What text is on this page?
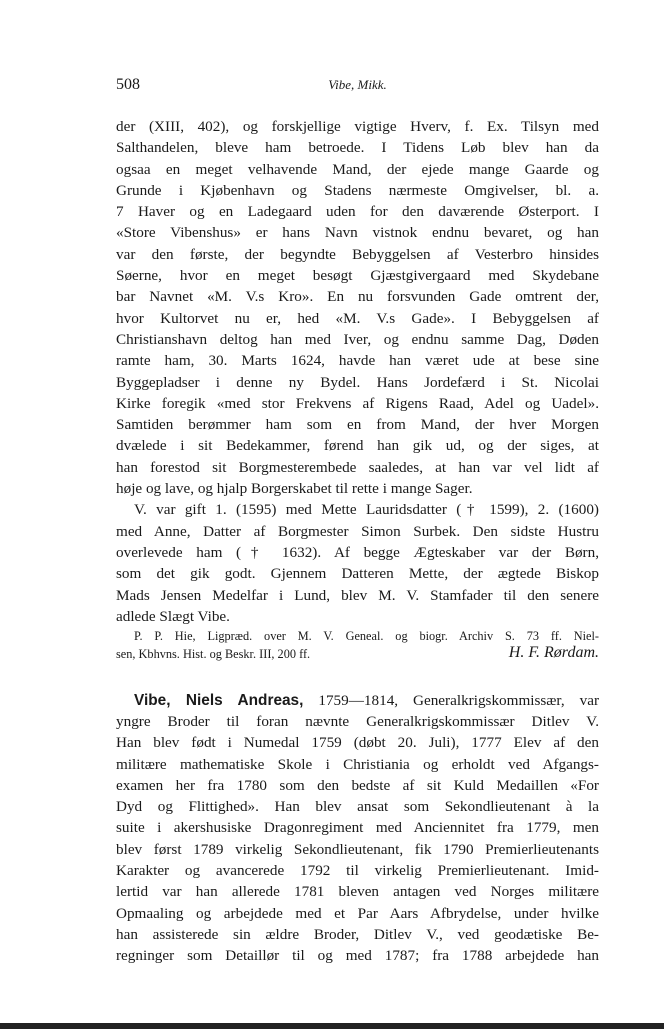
508	Vibe, Mikk.
der (XIII, 402), og forskjellige vigtige Hverv, f. Ex. Tilsyn med
Salthandelen, bleve ham betroede. I Tidens Løb blev han da
ogsaa en meget velhavende Mand, der ejede mange Gaarde og
Grunde i Kjøbenhavn og Stadens nærmeste Omgivelser, bl. a.
7 Haver og en Ladegaard uden for den daværende Østerport. I
«Store Vibenshus» er hans Navn vistnok endnu bevaret, og han
var den første, der begyndte Bebyggelsen af Vesterbro hinsides
Søerne, hvor en meget besøgt Gjæstgivergaard med Skydebane
bar Navnet «M. V.s Kro». En nu forsvunden Gade omtrent der,
hvor Kultorvet nu er, hed «M. V.s Gade». I Bebyggelsen af
Christianshavn deltog han med Iver, og endnu samme Dag, Døden
ramte ham, 30. Marts 1624, havde han været ude at bese sine
Byggepladser i denne ny Bydel. Hans Jordefærd i St. Nicolai
Kirke foregik «med stor Frekvens af Rigens Raad, Adel og Uadel».
Samtiden berømmer ham som en from Mand, der hver Morgen
dvælede i sit Bedekammer, førend han gik ud, og der siges, at
han forestod sit Borgmesterembede saaledes, at han var vel lidt af
høje og lave, og hjalp Borgerskabet til rette i mange Sager.
V. var gift 1. (1595) med Mette Lauridsdatter († 1599), 2. (1600)
med Anne, Datter af Borgmester Simon Surbek. Den sidste Hustru
overlevede ham († 1632). Af begge Ægteskaber var der Børn,
som det gik godt. Gjennem Datteren Mette, der ægtede Biskop
Mads Jensen Medelfar i Lund, blev M. V. Stamfader til den senere
adlede Slægt Vibe.
P. P. Hie, Ligpræd. over M. V. Geneal. og biogr. Archiv S. 73 ff. Niel-
sen, Kbhvns. Hist. og Beskr. III, 200 ff.	H. F. Rørdam.
Vibe, Niels Andreas, 1759—1814, Generalkrigskommissær, var
yngre Broder til foran nævnte Generalkrigskommissær Ditlev V.
Han blev født i Numedal 1759 (døbt 20. Juli), 1777 Elev af den
militære mathematiske Skole i Christiania og erholdt ved Afgangs-
examen her fra 1780 som den bedste af sit Kuld Medaillen «For
Dyd og Flittighed». Han blev ansat som Sekondlieutenant à la
suite i akershusiske Dragonregiment med Anciennitet fra 1779, men
blev først 1789 virkelig Sekondlieutenant, fik 1790 Premierlieutenants
Karakter og avancerede 1792 til virkelig Premierlieutenant. Imid-
lertid var han allerede 1781 bleven antagen ved Norges militære
Opmaaling og arbejdede med et Par Aars Afbrydelse, under hvilke
han assisterede sin ældre Broder, Ditlev V., ved geodætiske Be-
regninger som Detaillør til og med 1787; fra 1788 arbejdede han
